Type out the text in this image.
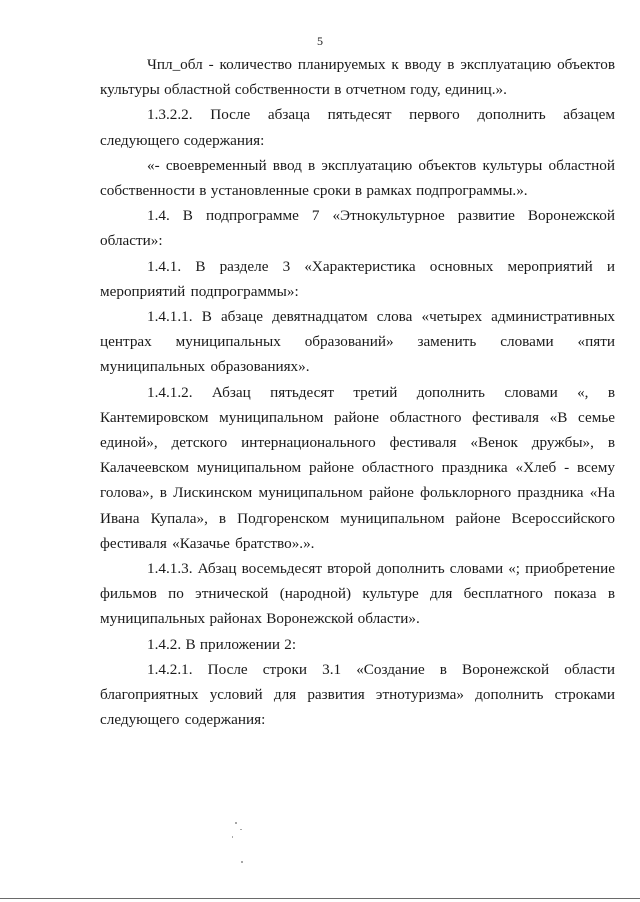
5

Чпл_обл - количество планируемых к вводу в эксплуатацию объектов культуры областной собственности в отчетном году, единиц.».

1.3.2.2. После абзаца пятьдесят первого дополнить абзацем следующего содержания:

«- своевременный ввод в эксплуатацию объектов культуры областной собственности в установленные сроки в рамках подпрограммы.».

1.4. В подпрограмме 7 «Этнокультурное развитие Воронежской области»:

1.4.1. В разделе 3 «Характеристика основных мероприятий и мероприятий подпрограммы»:

1.4.1.1. В абзаце девятнадцатом слова «четырех административных центрах муниципальных образований» заменить словами «пяти муниципальных образованиях».

1.4.1.2. Абзац пятьдесят третий дополнить словами «, в Кантемировском муниципальном районе областного фестиваля «В семье единой», детского интернационального фестиваля «Венок дружбы», в Калачеевском муниципальном районе областного праздника «Хлеб - всему голова», в Лискинском муниципальном районе фольклорного праздника «На Ивана Купала», в Подгоренском муниципальном районе Всероссийского фестиваля «Казачье братство».».

1.4.1.3. Абзац восемьдесят второй дополнить словами «; приобретение фильмов по этнической (народной) культуре для бесплатного показа в муниципальных районах Воронежской области».

1.4.2. В приложении 2:

1.4.2.1. После строки 3.1 «Создание в Воронежской области благоприятных условий для развития этнотуризма» дополнить строками следующего содержания:
